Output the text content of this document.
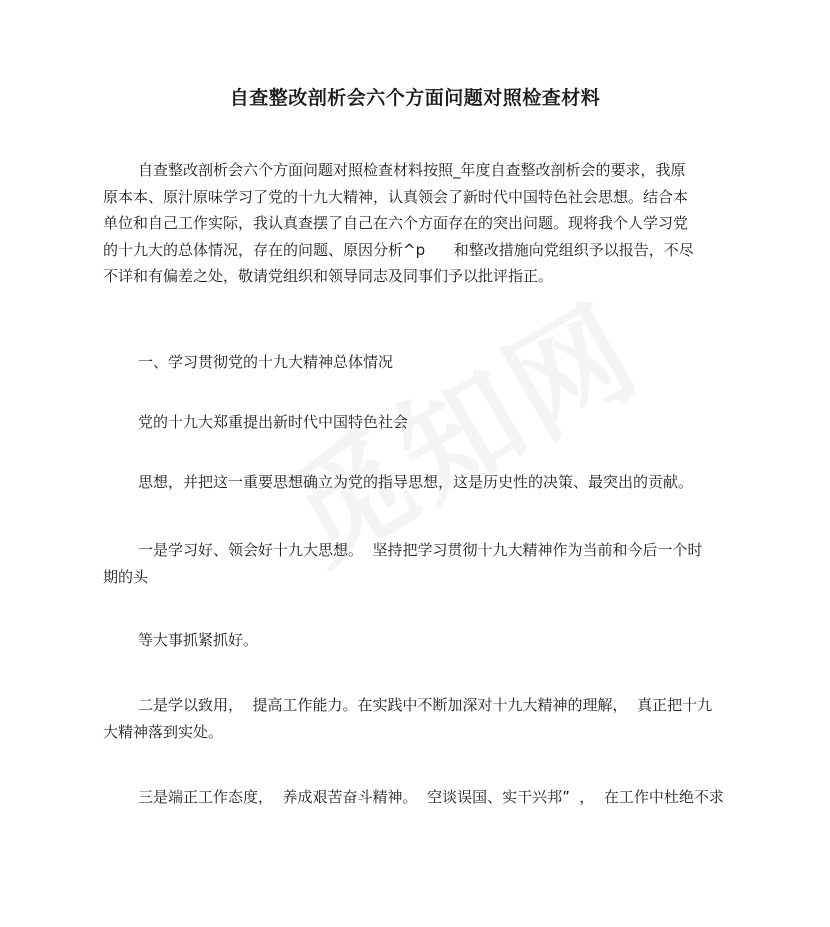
自查整改剖析会六个方面问题对照检查材料
自查整改剖析会六个方面问题对照检查材料按照_年度自查整改剖析会的要求，我原
原本本、原汁原味学习了党的十九大精神，认真领会了新时代中国特色社会思想。结合本
单位和自己工作实际，我认真查摆了自己在六个方面存在的突出问题。现将我个人学习党
的十九大的总体情况，存在的问题、原因分析^p      和整改措施向党组织予以报告，不尽
不详和有偏差之处，敬请党组织和领导同志及同事们予以批评指正。
一、学习贯彻党的十九大精神总体情况
党的十九大郑重提出新时代中国特色社会
思想，并把这一重要思想确立为党的指导思想，这是历史性的决策、最突出的贡献。
一是学习好、领会好十九大思想。  坚持把学习贯彻十九大精神作为当前和今后一个时
期的头
等大事抓紧抓好。
二是学以致用，  提高工作能力。在实践中不断加深对十九大精神的理解，  真正把十九
大精神落到实处。
三是端正工作态度，  养成艰苦奋斗精神。  空谈误国、实干兴邦”  ，  在工作中杜绝不求
